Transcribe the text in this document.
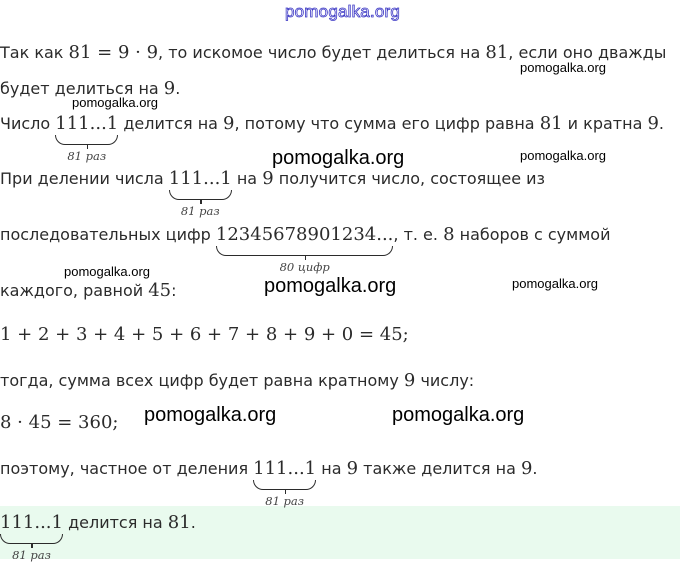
pomogalka.org
Так как 81 = 9 · 9, то искомое число будет делиться на 81, если оно дважды
будет делиться на 9.
Число 111...1
81 раз
делится на 9, потому что сумма его цифр равна 81 и кратна 9.
При делении числа 111...1
81 раз
на 9 получится число, состоящее из
последовательных цифр 12345678901234...
80 цифр
, т. е. 8 наборов с суммой
каждого, равной 45:
1 + 2 + 3 + 4 + 5 + 6 + 7 + 8 + 9 + 0 = 45;
тогда, сумма всех цифр будет равна кратному 9 числу:
8 · 45 = 360;
поэтому, частное от деления 111...1
81 раз
на 9 также делится на 9.
111...1
81 раз
делится на 81.
pomogalka.org
pomogalka.org
pomogalka.org	pomogalka.org
pomogalka.org
pomogalka.org	pomogalka.org
pomogalka.org	pomogalka.org
